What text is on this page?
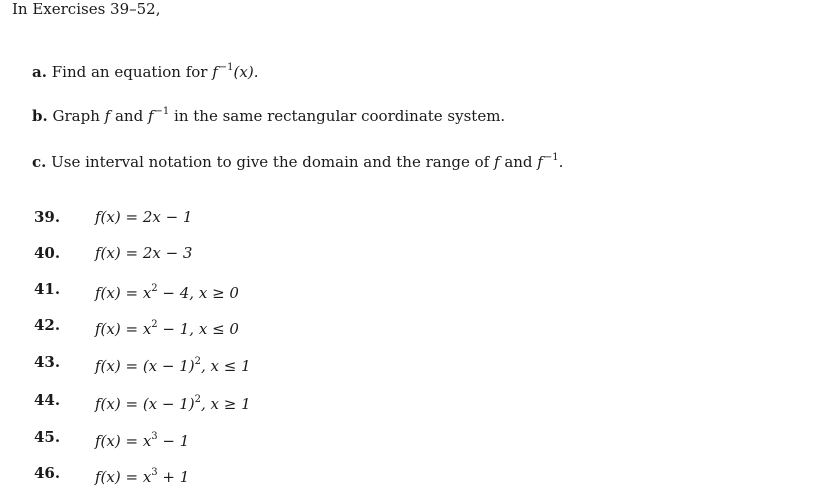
In Exercises 39–52,
a. Find an equation for $f^{-1}(x)$.
b. Graph f and $f^{-1}$ in the same rectangular coordinate system.
c. Use interval notation to give the domain and the range of f and $f^{-1}$.
39. f(x) = 2x − 1
40. f(x) = 2x − 3
41. $f(x) = x^2 - 4$, x ≥ 0
42. $f(x) = x^2 - 1$, x ≤ 0
43. $f(x) = (x - 1)^2$, x ≤ 1
44. $f(x) = (x - 1)^2$, x ≥ 1
45. $f(x) = x^3 - 1$
46. $f(x) = x^3 + 1$
